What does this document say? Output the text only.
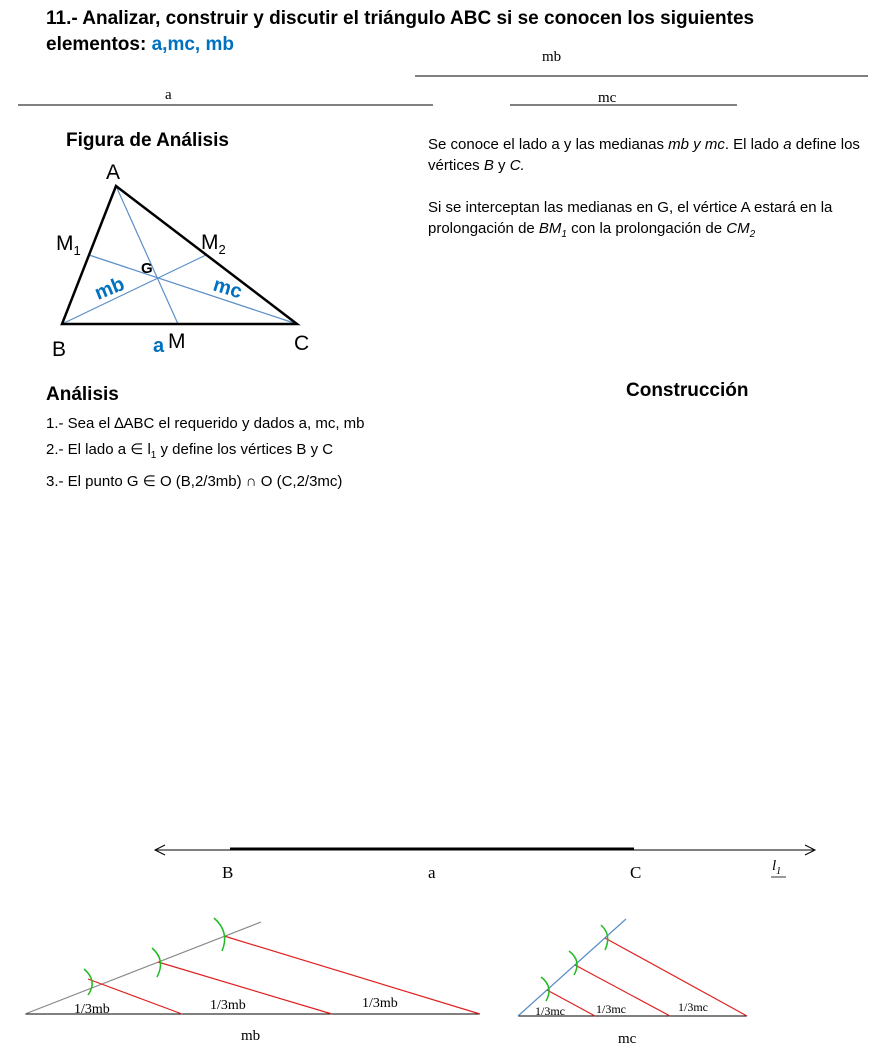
11.- Analizar, construir y discutir el triángulo ABC si se conocen los siguientes elementos: a,mc, mb
mb
a	mc
Figura de Análisis
A
B	C
$M_1$	$M_2$
M
G
mb	mc
a
Se conoce el lado a y las medianas mb y mc. El lado a define los vértices B y C.
Si se interceptan las medianas en G, el vértice A estará en la prolongación de $BM_1$ con la prolongación de $CM_2$
Análisis	Construcción
1.- Sea el ∆ABC el requerido y dados a, mc, mb
2.- El lado a ∈ $l_1$ y define los vértices B y C
3.- El punto G ∈ O (B,2/3mb) ∩ O (C,2/3mc)
B	a	C	$l_1$
1/3mb	1/3mb	1/3mb
mb
1/3mc	1/3mc	1/3mc
mc
